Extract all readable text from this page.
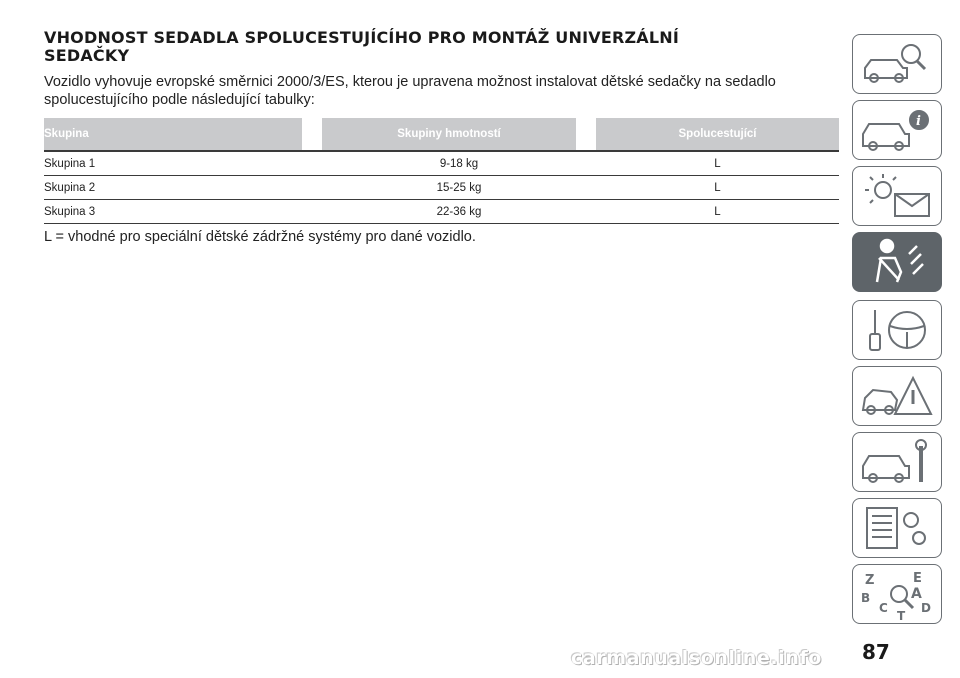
VHODNOST SEDADLA SPOLUCESTUJÍCÍHO PRO MONTÁŽ UNIVERZÁLNÍ
SEDAČKY
Vozidlo vyhovuje evropské směrnici 2000/3/ES, kterou je upravena možnost instalovat dětské sedačky na sedadlo
spolucestujícího podle následující tabulky:
Skupina	Skupiny hmotností	Spolucestující
Skupina 1	9-18 kg	L
Skupina 2	15-25 kg	L
Skupina 3	22-36 kg	L
L = vhodné pro speciální dětské zádržné systémy pro dané vozidlo.
i
Z	E
B	A
C	D
T
87
carmanualsonline.info
